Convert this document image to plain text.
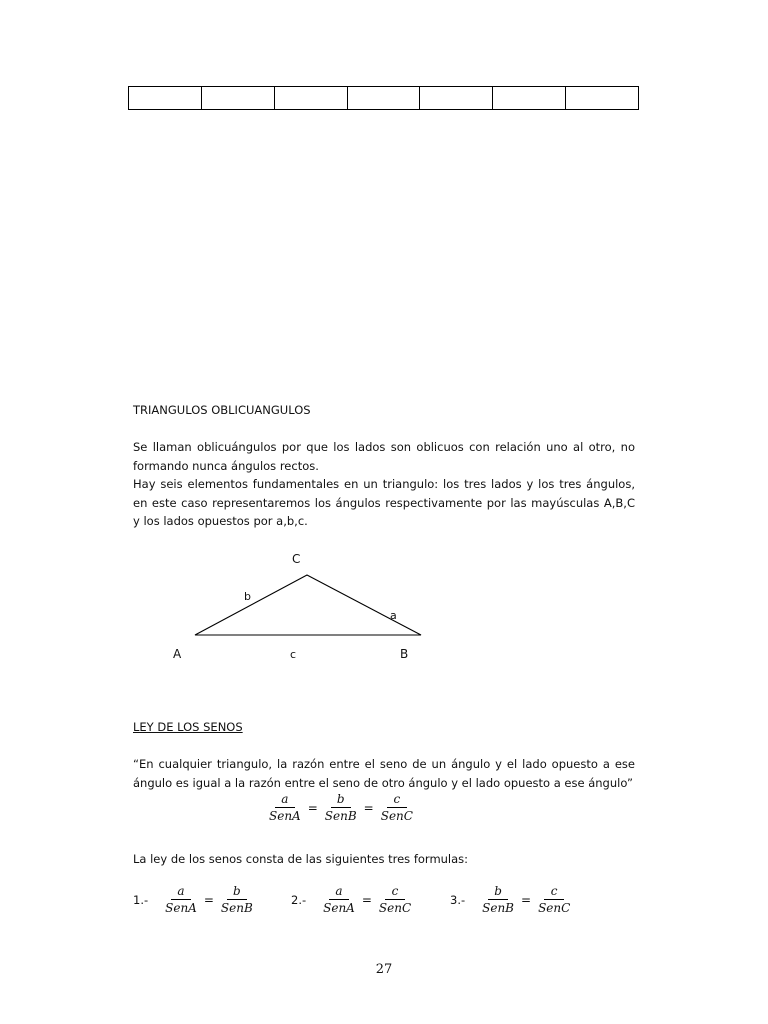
TRIANGULOS OBLICUANGULOS
Se llaman oblicuángulos por que los lados son oblicuos con relación uno al otro, no formando nunca ángulos rectos.
Hay seis elementos fundamentales en un triangulo: los tres lados y los tres ángulos, en este caso representaremos los ángulos respectivamente por las mayúsculas A,B,C y los lados opuestos por a,b,c.
C
b
a
A	c	B
LEY DE LOS SENOS
“En cualquier triangulo, la razón entre el seno de un ángulo y el lado opuesto a ese ángulo es igual a la razón entre el seno de otro ángulo y el lado opuesto a ese ángulo”
$\frac{a}{\text{SenA}} = \frac{b}{\text{SenB}} = \frac{c}{\text{SenC}}$
La ley de los senos consta de las siguientes tres formulas:
$1.- \frac{a}{\text{SenA}} = \frac{b}{\text{SenB}}$	$2.- \frac{a}{\text{SenA}} = \frac{c}{\text{SenC}}$	$3.- \frac{b}{\text{SenB}} = \frac{c}{\text{SenC}}$
27
